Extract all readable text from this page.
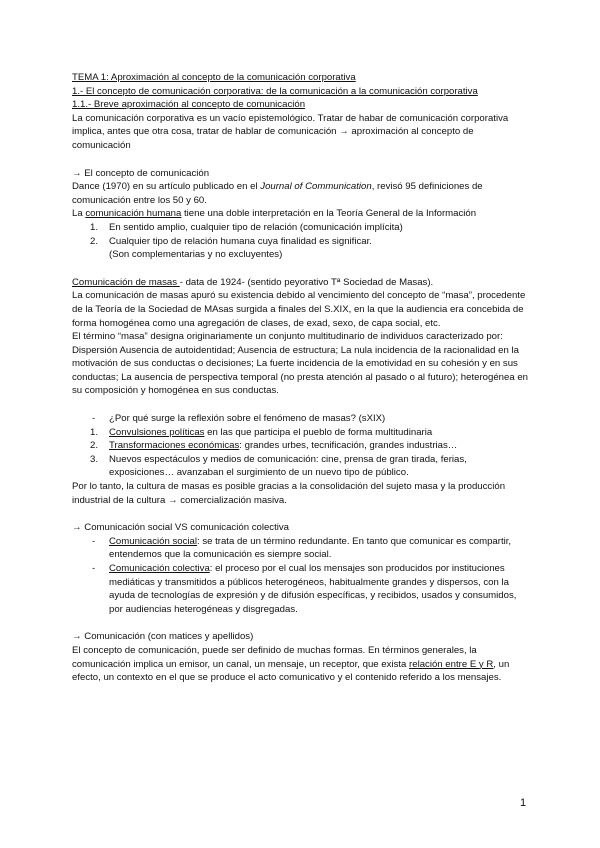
TEMA 1: Aproximación al concepto de la comunicación corporativa

1.- El concepto de comunicación corporativa: de la comunicación a la comunicación corporativa

1.1.- Breve aproximación al concepto de comunicación

La comunicación corporativa es un vacío epistemológico. Tratar de habar de comunicación corporativa implica, antes que otra cosa, tratar de hablar de comunicación → aproximación al concepto de comunicación

→ El concepto de comunicación

Dance (1970) en su artículo publicado en el Journal of Communication, revisó 95 definiciones de comunicación entre los 50 y 60.

La comunicación humana tiene una doble interpretación en la Teoría General de la Información

1. En sentido amplio, cualquier tipo de relación (comunicación implícita)
2. Cualquier tipo de relación humana cuya finalidad es significar.

(Son complementarias y no excluyentes)

Comunicación de masas - data de 1924- (sentido peyorativo Tª Sociedad de Masas).

La comunicación de masas apuró su existencia debido al vencimiento del concepto de “masa”, procedente de la Teoría de la Sociedad de MAsas surgida a finales del S.XIX, en la que la audiencia era concebida de forma homogénea como una agregación de clases, de exad, sexo, de capa social, etc.

El término “masa” designa originariamente un conjunto multitudinario de individuos caracterizado por: Dispersión Ausencia de autoidentidad; Ausencia de estructura; La nula incidencia de la racionalidad en la motivación de sus conductas o decisiones; La fuerte incidencia de la emotividad en su cohesión y en sus conductas; La ausencia de perspectiva temporal (no presta atención al pasado o al futuro); heterogénea en su composición y homogénea en sus conductas.

- ¿Por qué surge la reflexión sobre el fenómeno de masas? (sXIX)

1. Convulsiones políticas en las que participa el pueblo de forma multitudinaria
2. Transformaciones económicas: grandes urbes, tecnificación, grandes industrias…
3. Nuevos espectáculos y medios de comunicación: cine, prensa de gran tirada, ferias, exposiciones… avanzaban el surgimiento de un nuevo tipo de público.

Por lo tanto, la cultura de masas es posible gracias a la consolidación del sujeto masa y la producción industrial de la cultura → comercialización masiva.

→ Comunicación social VS comunicación colectiva

- Comunicación social: se trata de un término redundante. En tanto que comunicar es compartir, entendemos que la comunicación es siempre social.
- Comunicación colectiva: el proceso por el cual los mensajes son producidos por instituciones mediáticas y transmitidos a públicos heterogéneos, habitualmente grandes y dispersos, con la ayuda de tecnologías de expresión y de difusión específicas, y recibidos, usados y consumidos, por audiencias heterogéneas y disgregadas.

→ Comunicación (con matices y apellidos)

El concepto de comunicación, puede ser definido de muchas formas. En términos generales, la comunicación implica un emisor, un canal, un mensaje, un receptor, que exista relación entre E y R, un efecto, un contexto en el que se produce el acto comunicativo y el contenido referido a los mensajes.

1
